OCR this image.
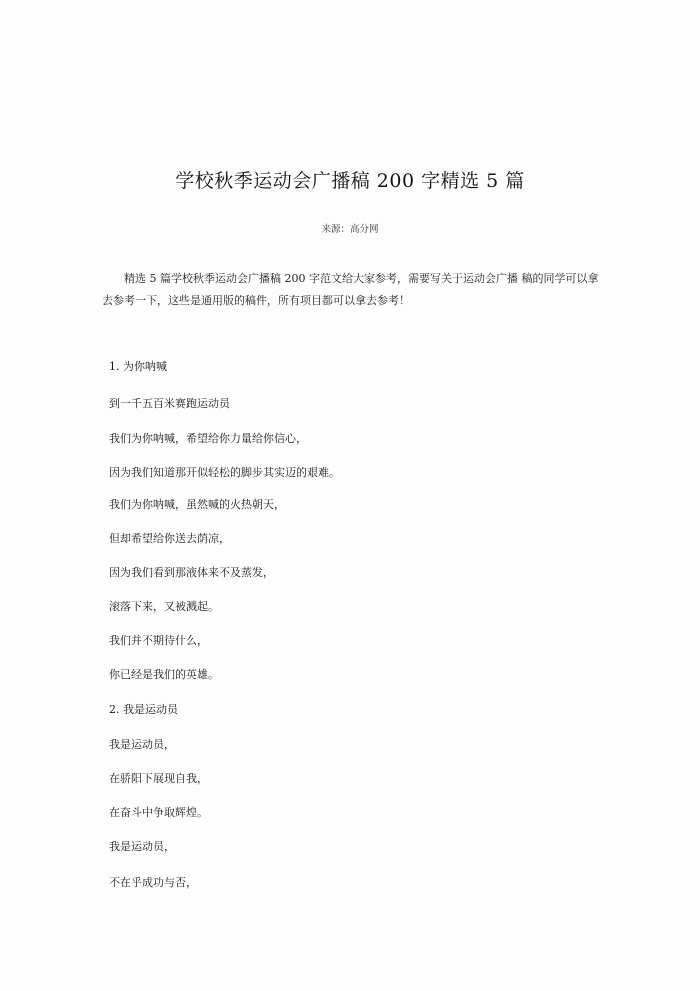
学校秋季运动会广播稿 200 字精选 5 篇
来源：高分网
精选 5 篇学校秋季运动会广播稿 200 字范文给大家参考，需要写关于运动会广播 稿的同学可以拿去参考一下，这些是通用版的稿件，所有项目都可以拿去参考！
1. 为你呐喊
到一千五百米赛跑运动员
我们为你呐喊，希望给你力量给你信心，
因为我们知道那开似轻松的脚步其实迈的艰难。
我们为你呐喊，虽然喊的火热朝天，
但却希望给你送去荫凉，
因为我们看到那液体来不及蒸发，
滚落下来，又被溅起。
我们并不期待什么，
你已经是我们的英雄。
2. 我是运动员
我是运动员，
在骄阳下展现自我，
在奋斗中争取辉煌。
我是运动员，
不在乎成功与否，
